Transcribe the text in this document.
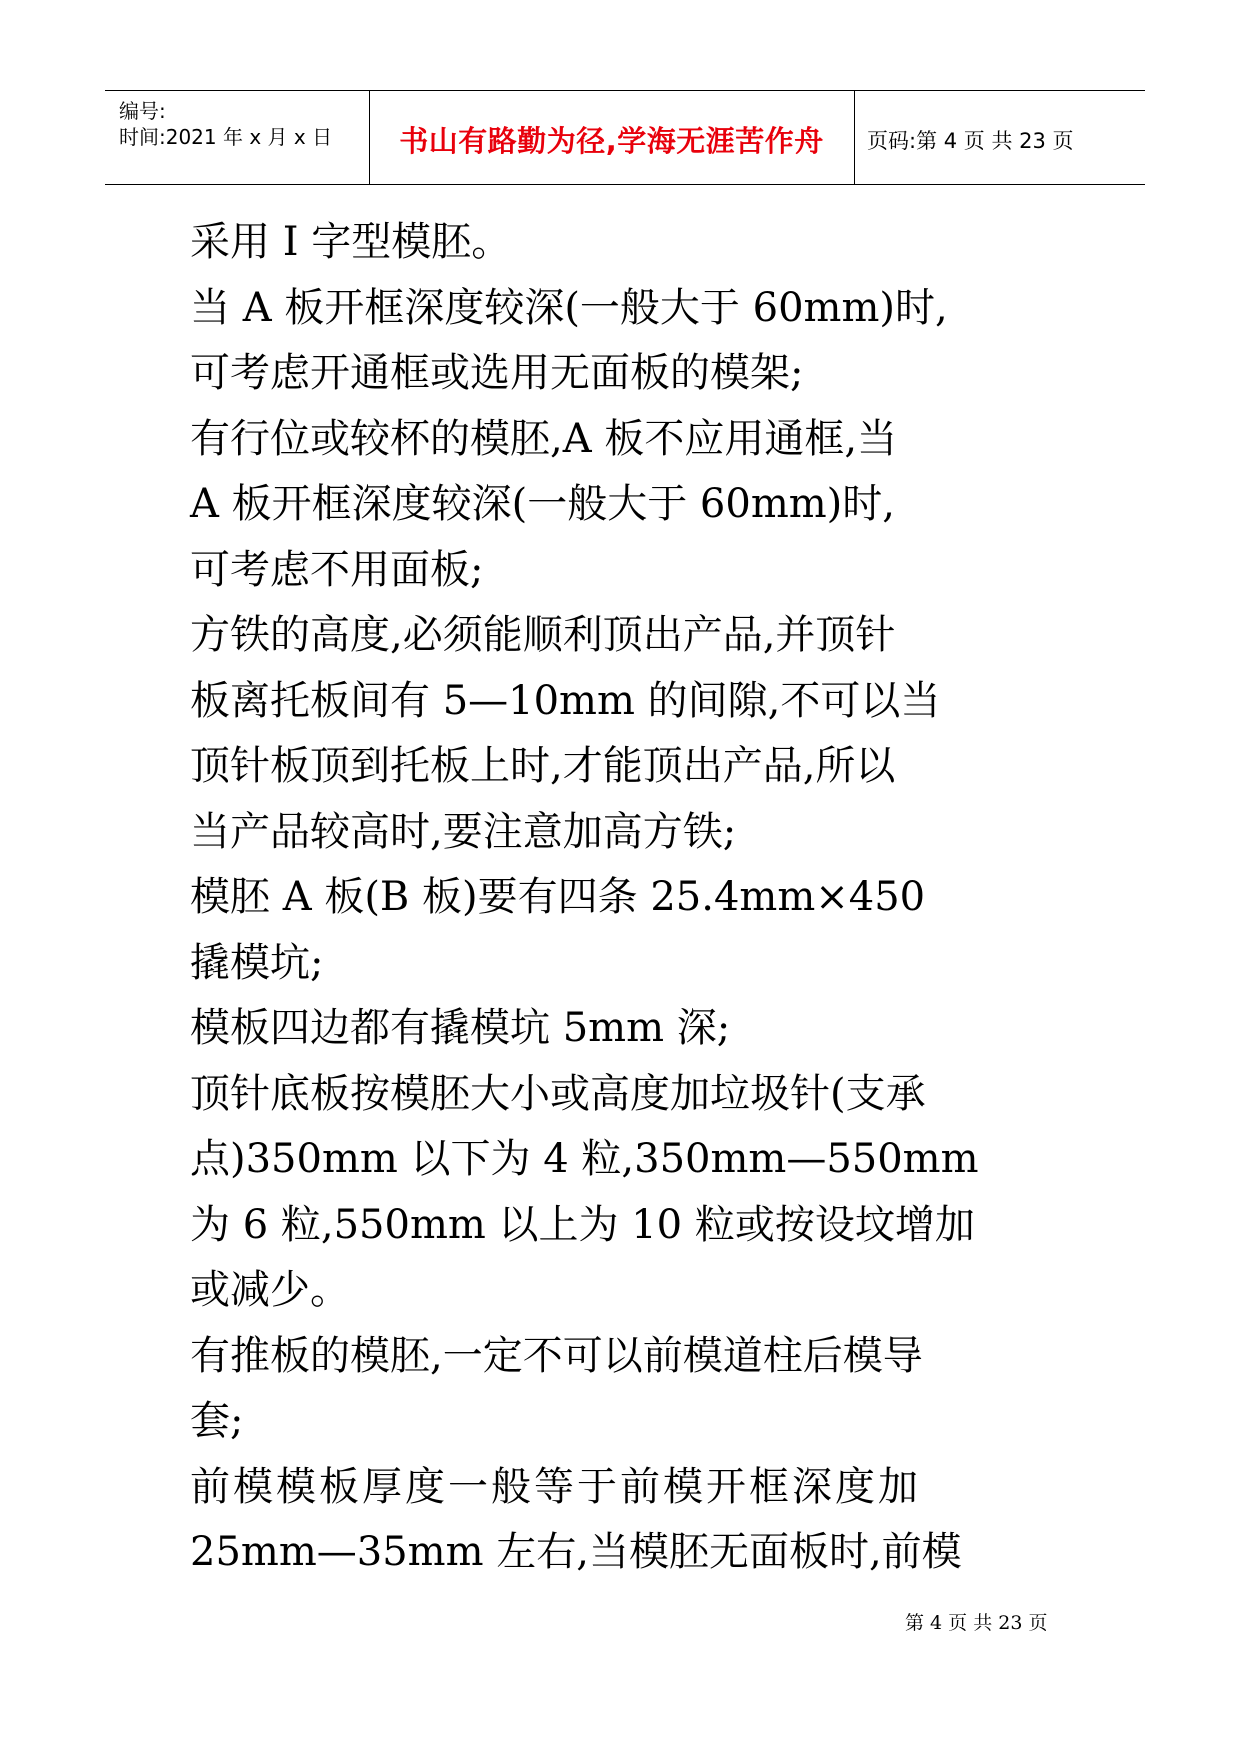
编号:
时间:2021 年 x 月 x 日	书山有路勤为径,学海无涯苦作舟	页码:第 4 页 共 23 页
采用 I 字型模胚。
当 A 板开框深度较深(一般大于 60mm)时,
可考虑开通框或选用无面板的模架;
有行位或较杯的模胚,A 板不应用通框,当
A 板开框深度较深(一般大于 60mm)时,
可考虑不用面板;
方铁的高度,必须能顺利顶出产品,并顶针
板离托板间有 5—10mm 的间隙,不可以当
顶针板顶到托板上时,才能顶出产品,所以
当产品较高时,要注意加高方铁;
模胚 A 板(B 板)要有四条 25.4mm×450
撬模坑;
模板四边都有撬模坑 5mm 深;
顶针底板按模胚大小或高度加垃圾针(支承
点)350mm 以下为 4 粒,350mm—550mm
为 6 粒,550mm 以上为 10 粒或按设坟增加
或减少。
有推板的模胚,一定不可以前模道柱后模导
套;
前模模板厚度一般等于前模开框深度加
25mm—35mm 左右,当模胚无面板时,前模
第 4 页 共 23 页
